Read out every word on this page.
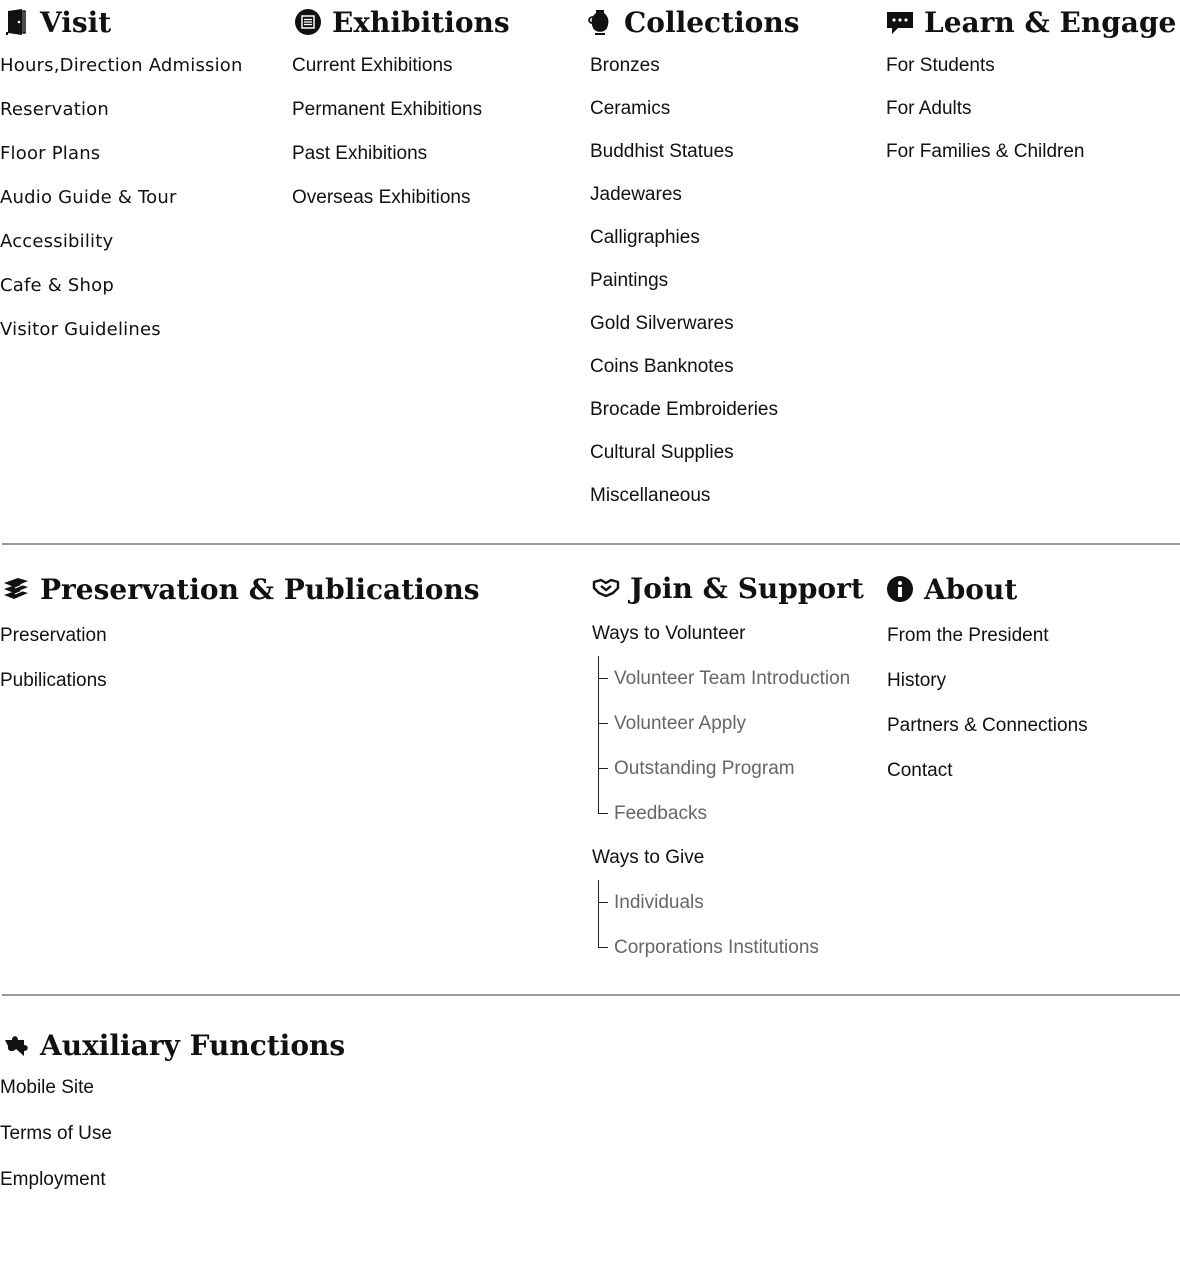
Visit
Hours,Direction Admission
Reservation
Floor Plans
Audio Guide & Tour
Accessibility
Cafe & Shop
Visitor Guidelines
Exhibitions
Current Exhibitions
Permanent Exhibitions
Past Exhibitions
Overseas Exhibitions
Collections
Bronzes
Ceramics
Buddhist Statues
Jadewares
Calligraphies
Paintings
Gold Silverwares
Coins Banknotes
Brocade Embroideries
Cultural Supplies
Miscellaneous
Learn & Engage
For Students
For Adults
For Families & Children
Preservation & Publications
Preservation
Pubilications
Join & Support
Ways to Volunteer
Volunteer Team Introduction
Volunteer Apply
Outstanding Program
Feedbacks
Ways to Give
Individuals
Corporations Institutions
About
From the President
History
Partners & Connections
Contact
Auxiliary Functions
Mobile Site
Terms of Use
Employment
